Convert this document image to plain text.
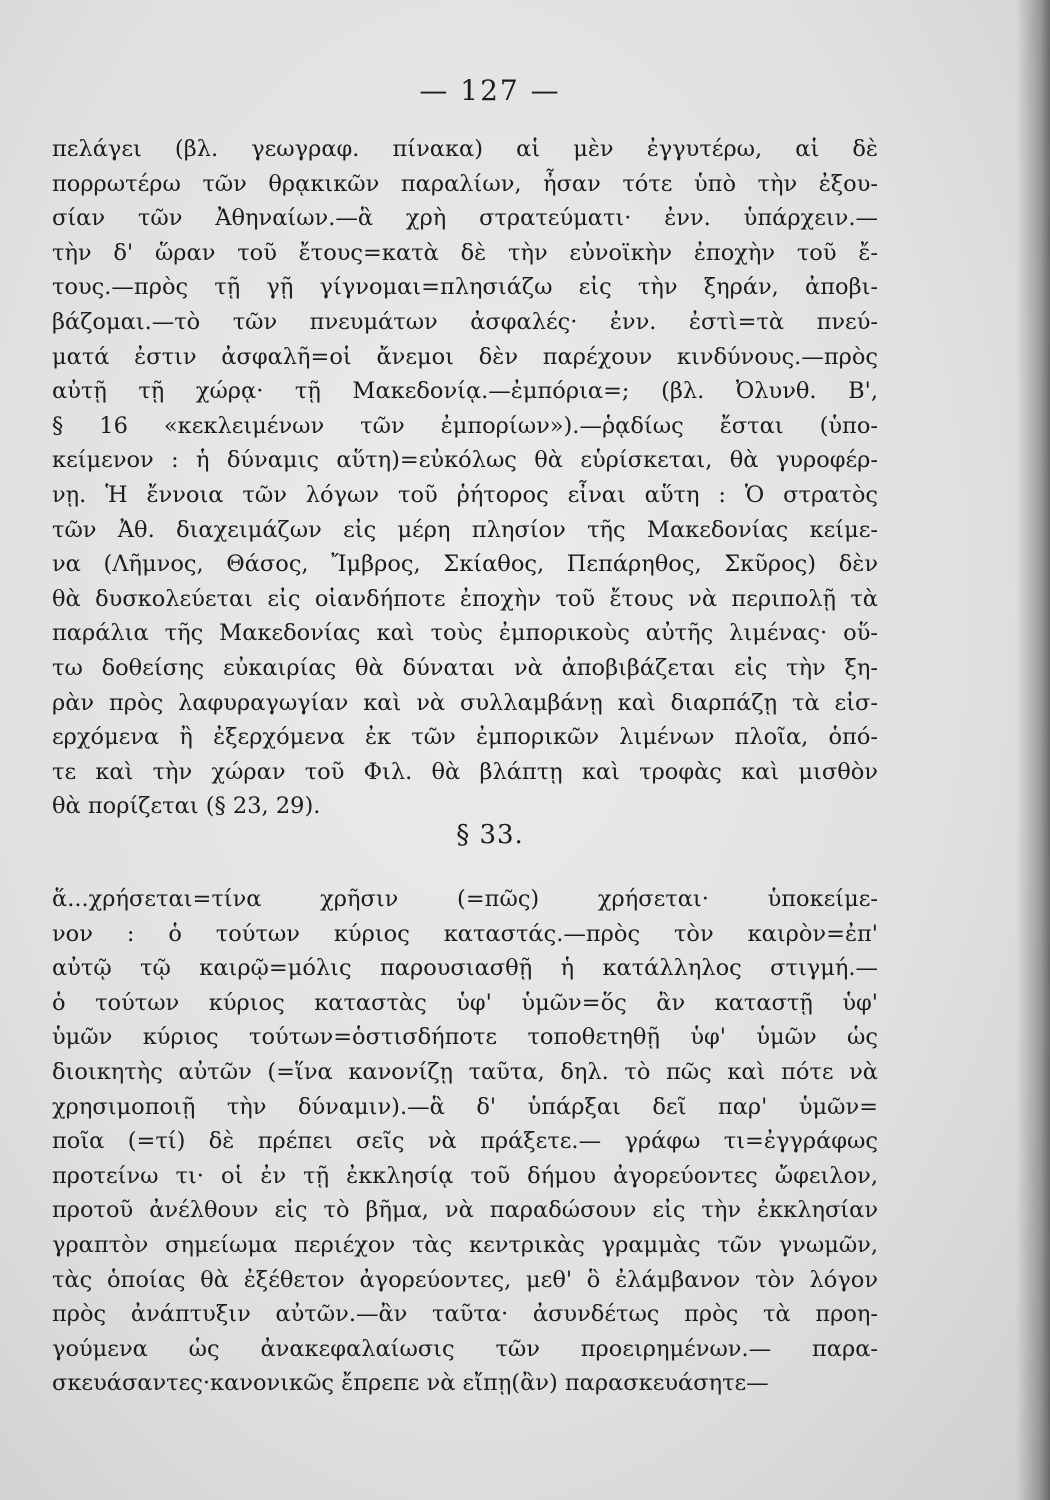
— 127 —
πελάγει (βλ. γεωγραφ. πίνακα) αἱ μὲν ἐγγυτέρω, αἱ δὲ
πορρωτέρω τῶν θρᾳκικῶν παραλίων, ἦσαν τότε ὑπὸ τὴν ἐξου-
σίαν τῶν Ἀθηναίων.—ἃ χρὴ στρατεύματι· ἐνν. ὑπάρχειν.—
τὴν δ' ὥραν τοῦ ἔτους=κατὰ δὲ τὴν εὐνοϊκὴν ἐποχὴν τοῦ ἔ-
τους.—πρὸς τῇ γῇ γίγνομαι=πλησιάζω εἰς τὴν ξηράν, ἀποβι-
βάζομαι.—τὸ τῶν πνευμάτων ἀσφαλές· ἐνν. ἐστὶ=τὰ πνεύ-
ματά ἐστιν ἀσφαλῆ=οἱ ἄνεμοι δὲν παρέχουν κινδύνους.—πρὸς
αὐτῇ τῇ χώρᾳ· τῇ Μακεδονίᾳ.—ἐμπόρια=; (βλ. Ὀλυνθ. Β',
§ 16 «κεκλειμένων τῶν ἐμπορίων»).—ῥᾳδίως ἔσται (ὑπο-
κείμενον : ἡ δύναμις αὕτη)=εὐκόλως θὰ εὑρίσκεται, θὰ γυροφέρ-
νῃ. Ἡ ἔννοια τῶν λόγων τοῦ ῥήτορος εἶναι αὕτη : Ὁ στρατὸς
τῶν Ἀθ. διαχειμάζων εἰς μέρη πλησίον τῆς Μακεδονίας κείμε-
να (Λῆμνος, Θάσος, Ἴμβρος, Σκίαθος, Πεπάρηθος, Σκῦρος) δὲν
θὰ δυσκολεύεται εἰς οἱανδήποτε ἐποχὴν τοῦ ἔτους νὰ περιπολῇ τὰ
παράλια τῆς Μακεδονίας καὶ τοὺς ἐμπορικοὺς αὐτῆς λιμένας· οὕ-
τω δοθείσης εὐκαιρίας θὰ δύναται νὰ ἀποβιβάζεται εἰς τὴν ξη-
ρὰν πρὸς λαφυραγωγίαν καὶ νὰ συλλαμβάνῃ καὶ διαρπάζῃ τὰ εἰσ-
ερχόμενα ἢ ἐξερχόμενα ἐκ τῶν ἐμπορικῶν λιμένων πλοῖα, ὁπό-
τε καὶ τὴν χώραν τοῦ Φιλ. θὰ βλάπτῃ καὶ τροφὰς καὶ μισθὸν
θὰ πορίζεται (§ 23, 29).
§ 33.
ἅ...χρήσεται=τίνα χρῆσιν (=πῶς) χρήσεται· ὑποκείμε-
νον : ὁ τούτων κύριος καταστάς.—πρὸς τὸν καιρὸν=ἐπ'
αὐτῷ τῷ καιρῷ=μόλις παρουσιασθῇ ἡ κατάλληλος στιγμή.—
ὁ τούτων κύριος καταστὰς ὑφ' ὑμῶν=ὅς ἂν καταστῇ ὑφ'
ὑμῶν κύριος τούτων=ὁστισδήποτε τοποθετηθῇ ὑφ' ὑμῶν ὡς
διοικητὴς αὐτῶν (=ἵνα κανονίζῃ ταῦτα, δηλ. τὸ πῶς καὶ πότε νὰ
χρησιμοποιῇ τὴν δύναμιν).—ἃ δ' ὑπάρξαι δεῖ παρ' ὑμῶν=
ποῖα (=τί) δὲ πρέπει σεῖς νὰ πράξετε.— γράφω τι=ἐγγράφως
προτείνω τι· οἱ ἐν τῇ ἐκκλησίᾳ τοῦ δήμου ἀγορεύοντες ὤφειλον,
προτοῦ ἀνέλθουν εἰς τὸ βῆμα, νὰ παραδώσουν εἰς τὴν ἐκκλησίαν
γραπτὸν σημείωμα περιέχον τὰς κεντρικὰς γραμμὰς τῶν γνωμῶν,
τὰς ὁποίας θὰ ἐξέθετον ἀγορεύοντες, μεθ' ὃ ἐλάμβανον τὸν λόγον
πρὸς ἀνάπτυξιν αὐτῶν.—ἂν ταῦτα· ἀσυνδέτως πρὸς τὰ προη-
γούμενα ὡς ἀνακεφαλαίωσις τῶν προειρημένων.— παρα-
σκευάσαντες·κανονικῶς ἔπρεπε νὰ εἴπῃ(ἂν) παρασκευάσητε—
